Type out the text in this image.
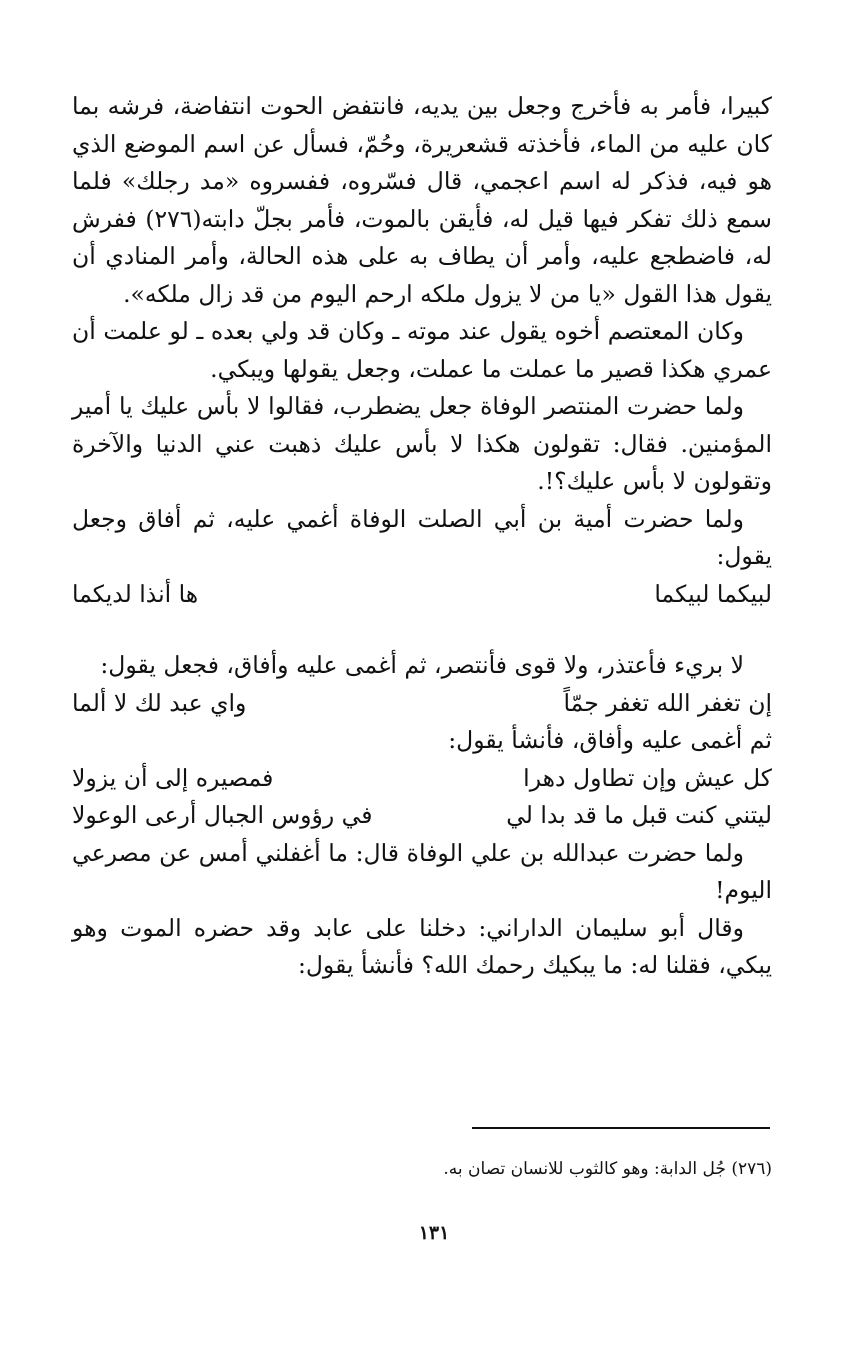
كبيرا، فأمر به فأخرج وجعل بين يديه، فانتفض الحوت انتفاضة، فرشه بما كان عليه من الماء، فأخذته قشعريرة، وحُمّ، فسأل عن اسم الموضع الذي هو فيه، فذكر له اسم اعجمي، قال فسّروه، ففسروه «مد رجلك» فلما سمع ذلك تفكر فيها قيل له، فأيقن بالموت، فأمر بجلّ دابته(٢٧٦) ففرش له، فاضطجع عليه، وأمر أن يطاف به على هذه الحالة، وأمر المنادي أن يقول هذا القول «يا من لا يزول ملكه ارحم اليوم من قد زال ملكه».

وكان المعتصم أخوه يقول عند موته ـ وكان قد ولي بعده ـ لو علمت أن عمري هكذا قصير ما عملت ما عملت، وجعل يقولها ويبكي.

ولما حضرت المنتصر الوفاة جعل يضطرب، فقالوا لا بأس عليك يا أمير المؤمنين. فقال: تقولون هكذا لا بأس عليك ذهبت عني الدنيا والآخرة وتقولون لا بأس عليك؟!.

ولما حضرت أمية بن أبي الصلت الوفاة أغمي عليه، ثم أفاق وجعل يقول:

لبيكما لبيكما
ها أنذا لديكما

لا بريء فأعتذر، ولا قوى فأنتصر، ثم أغمى عليه وأفاق، فجعل يقول:

إن تغفر الله تغفر جمّاً
واي عبد لك لا ألما

ثم أغمى عليه وأفاق، فأنشأ يقول:

كل عيش وإن تطاول دهرا
فمصيره إلى أن يزولا
ليتني كنت قبل ما قد بدا لي
في رؤوس الجبال أرعى الوعولا

ولما حضرت عبدالله بن علي الوفاة قال: ما أغفلني أمس عن مصرعي اليوم!

وقال أبو سليمان الداراني: دخلنا على عابد وقد حضره الموت وهو يبكي، فقلنا له: ما يبكيك رحمك الله؟ فأنشأ يقول:

(٢٧٦) جُل الدابة: وهو كالثوب للانسان تصان به.

١٣١
